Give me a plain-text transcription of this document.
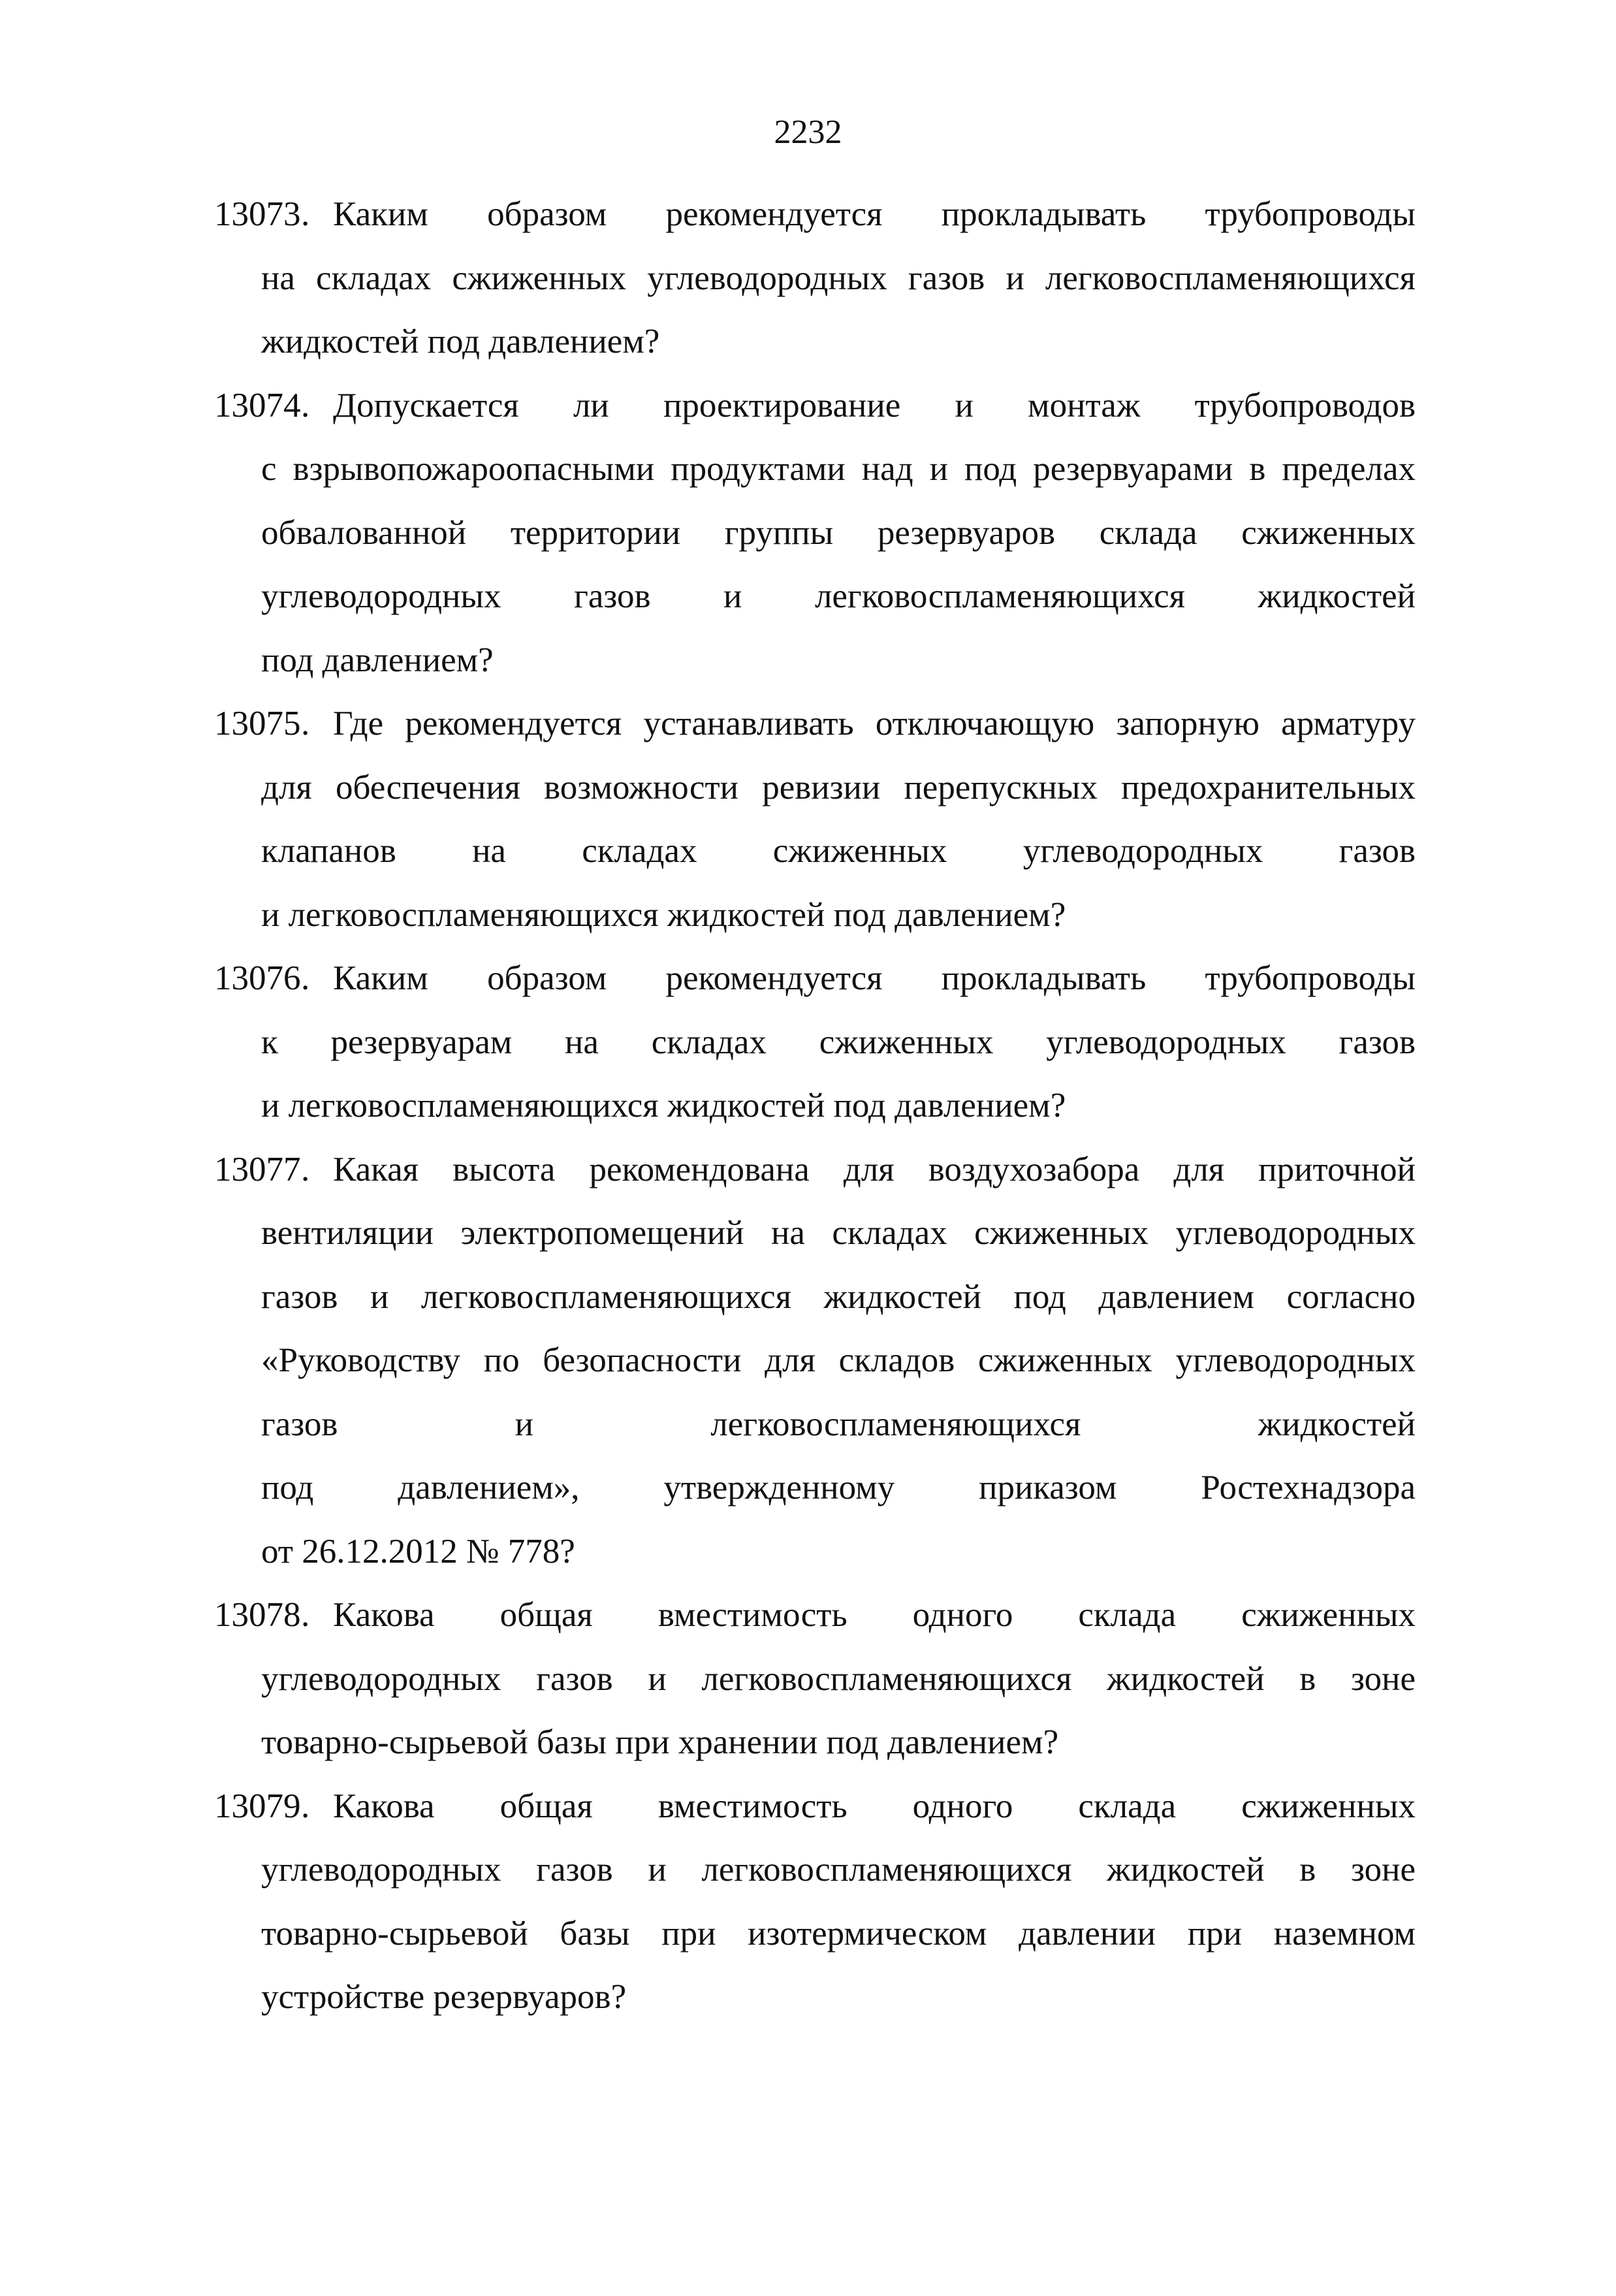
2232
13073 . Каким образом рекомендуется прокладывать трубопроводы
на складах сжиженных углеводородных газов и легковоспламеняющихся
жидкостей под давлением?
13074 . Допускается ли проектирование и монтаж трубопроводов
с взрывопожароопасными продуктами над и под резервуарами в пределах
обвалованной территории группы резервуаров склада сжиженных
углеводородных газов и легковоспламеняющихся жидкостей
под давлением?
13075 . Где рекомендуется устанавливать отключающую запорную арматуру
для обеспечения возможности ревизии перепускных предохранительных
клапанов на складах сжиженных углеводородных газов
и легковоспламеняющихся жидкостей под давлением?
13076 . Каким образом рекомендуется прокладывать трубопроводы
к резервуарам на складах сжиженных углеводородных газов
и легковоспламеняющихся жидкостей под давлением?
13077 . Какая высота рекомендована для воздухозабора для приточной
вентиляции электропомещений на складах сжиженных углеводородных
газов и легковоспламеняющихся жидкостей под давлением согласно
«Руководству по безопасности для складов сжиженных углеводородных
газов и легковоспламеняющихся жидкостей
под давлением», утвержденному приказом Ростехнадзора
от 26.12.2012 № 778?
13078 . Какова общая вместимость одного склада сжиженных
углеводородных газов и легковоспламеняющихся жидкостей в зоне
товарно-сырьевой базы при хранении под давлением?
13079 . Какова общая вместимость одного склада сжиженных
углеводородных газов и легковоспламеняющихся жидкостей в зоне
товарно-сырьевой базы при изотермическом давлении при наземном
устройстве резервуаров?
